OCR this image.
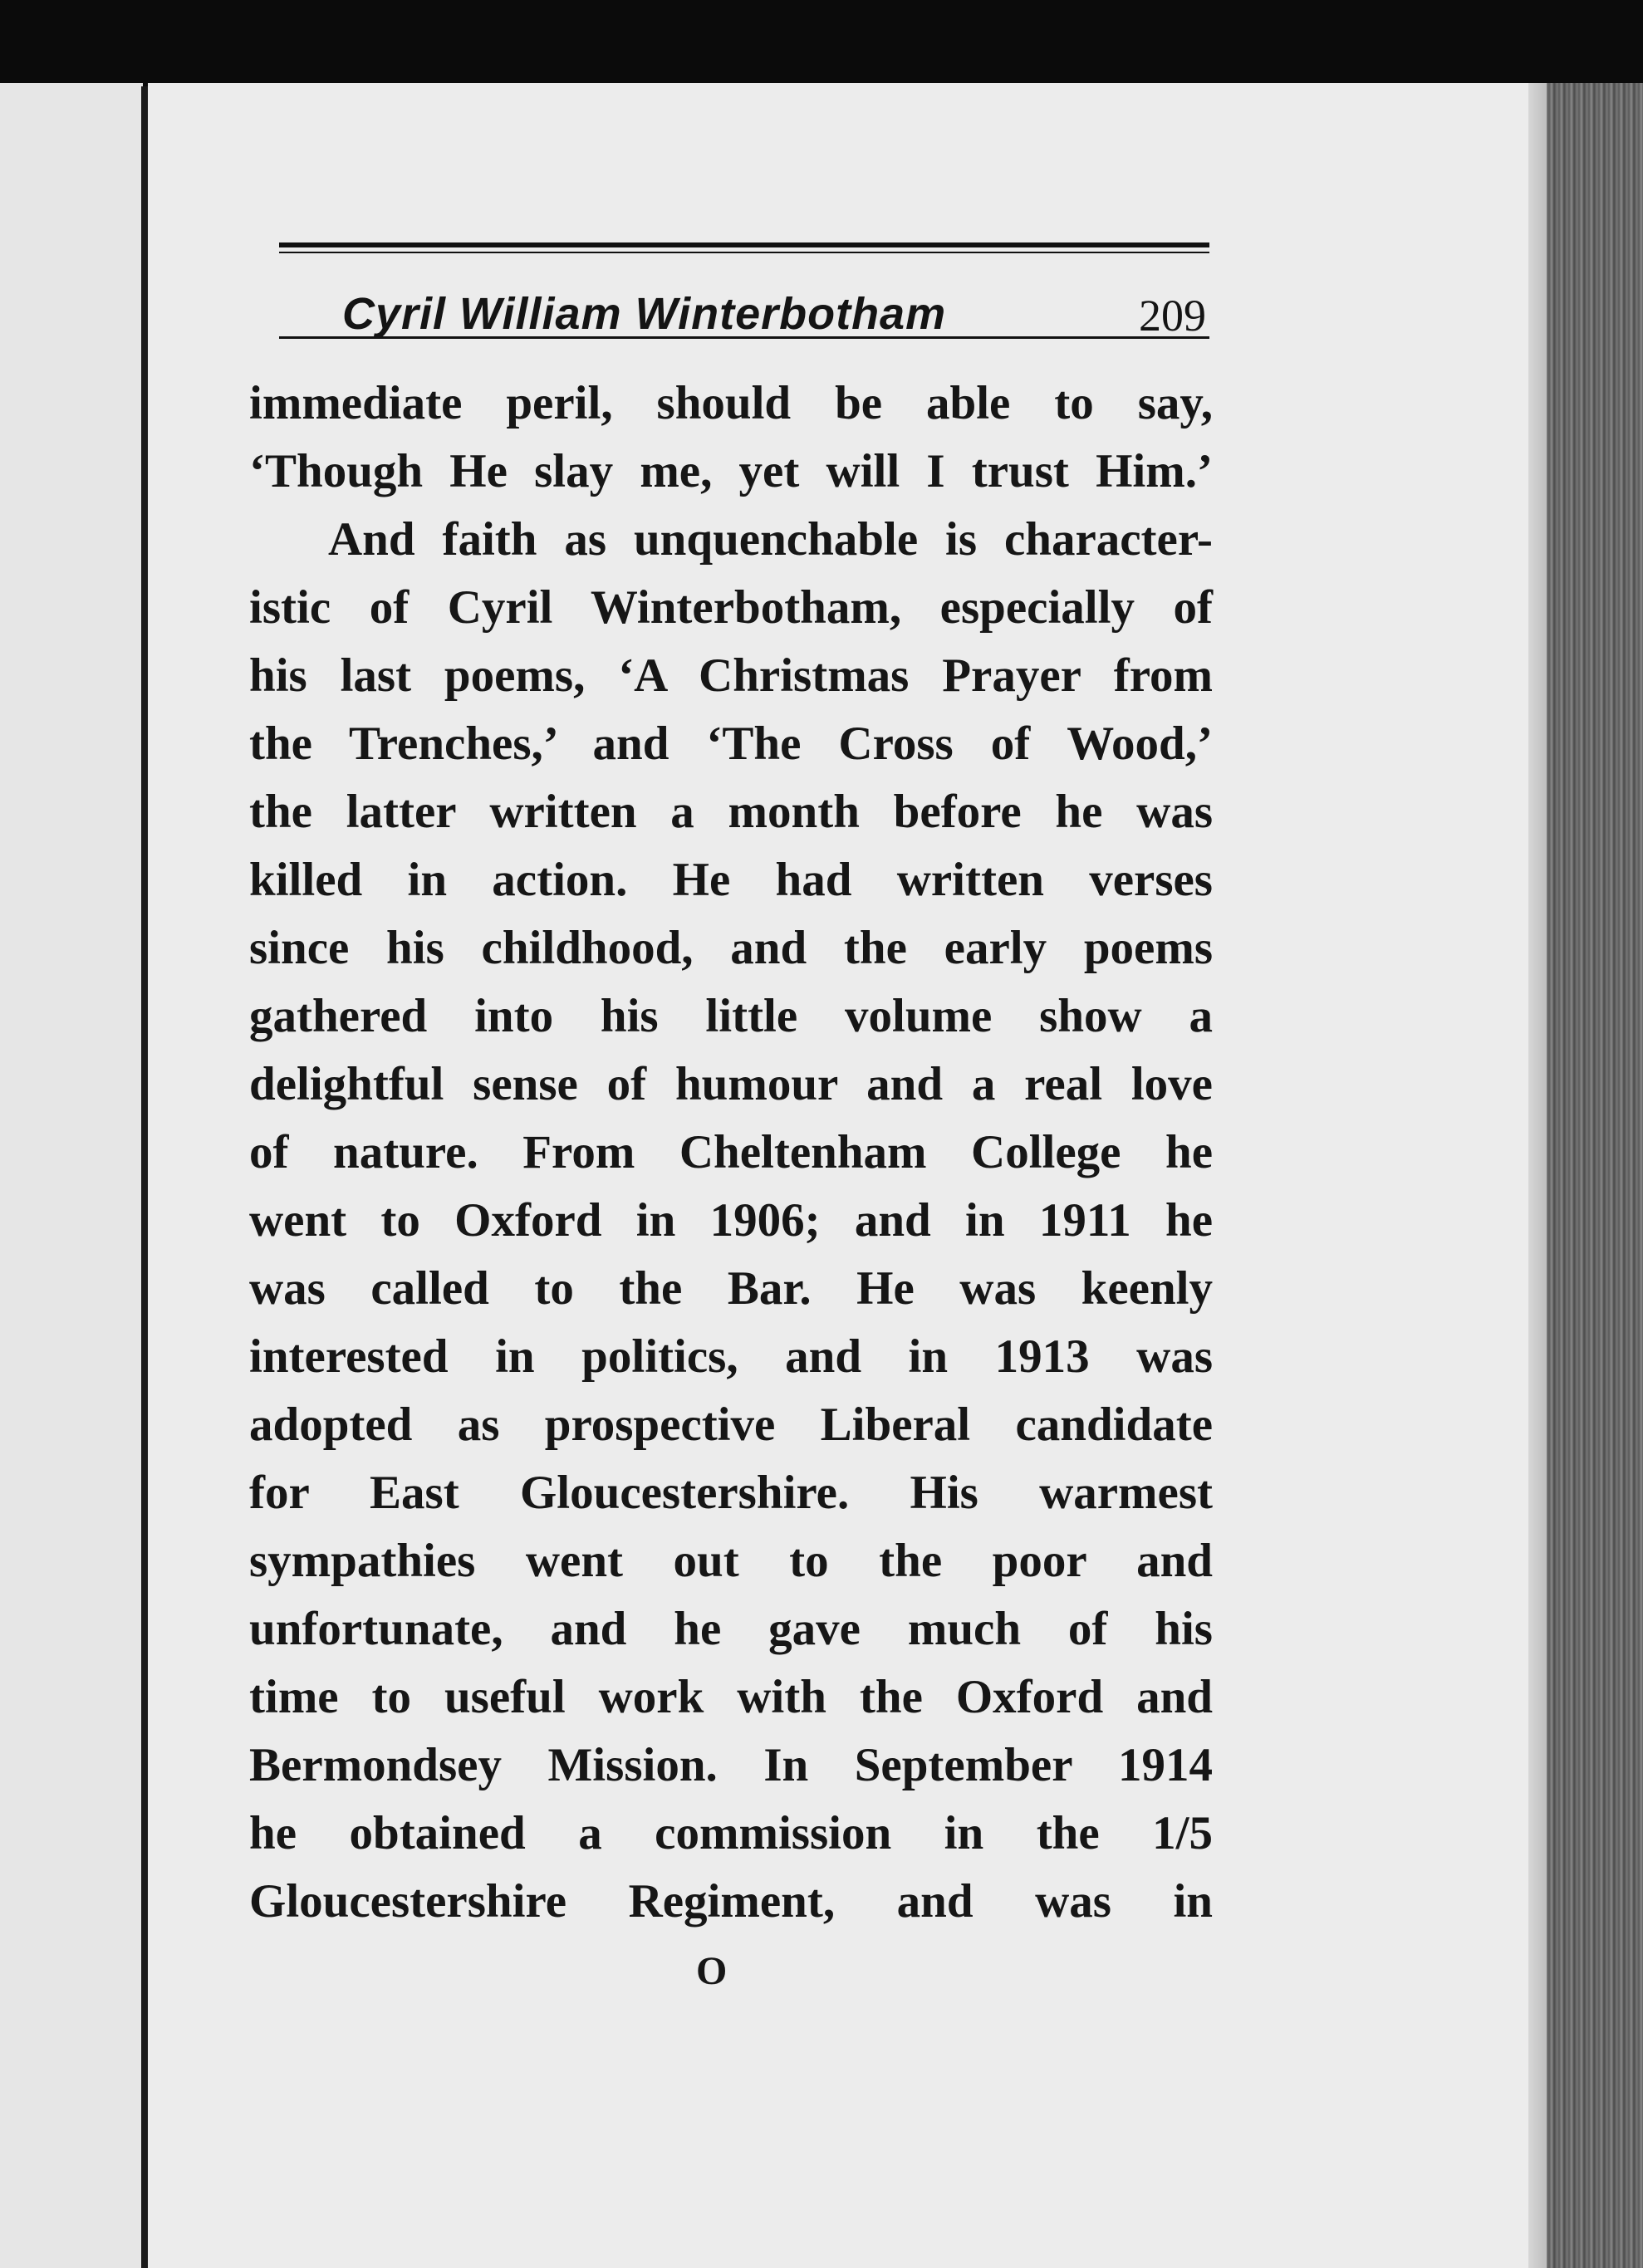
Cyril William Winterbotham	209
immediate peril, should be able to say,
‘Though He slay me, yet will I trust Him.’
And faith as unquenchable is character-
istic of Cyril Winterbotham, especially of
his last poems, ‘A Christmas Prayer from
the Trenches,’ and ‘The Cross of Wood,’
the latter written a month before he was
killed in action. He had written verses
since his childhood, and the early poems
gathered into his little volume show a
delightful sense of humour and a real love
of nature. From Cheltenham College he
went to Oxford in 1906; and in 1911 he
was called to the Bar. He was keenly
interested in politics, and in 1913 was
adopted as prospective Liberal candidate
for East Gloucestershire. His warmest
sympathies went out to the poor and
unfortunate, and he gave much of his
time to useful work with the Oxford and
Bermondsey Mission. In September 1914
he obtained a commission in the 1/5
Gloucestershire Regiment, and was in
O
